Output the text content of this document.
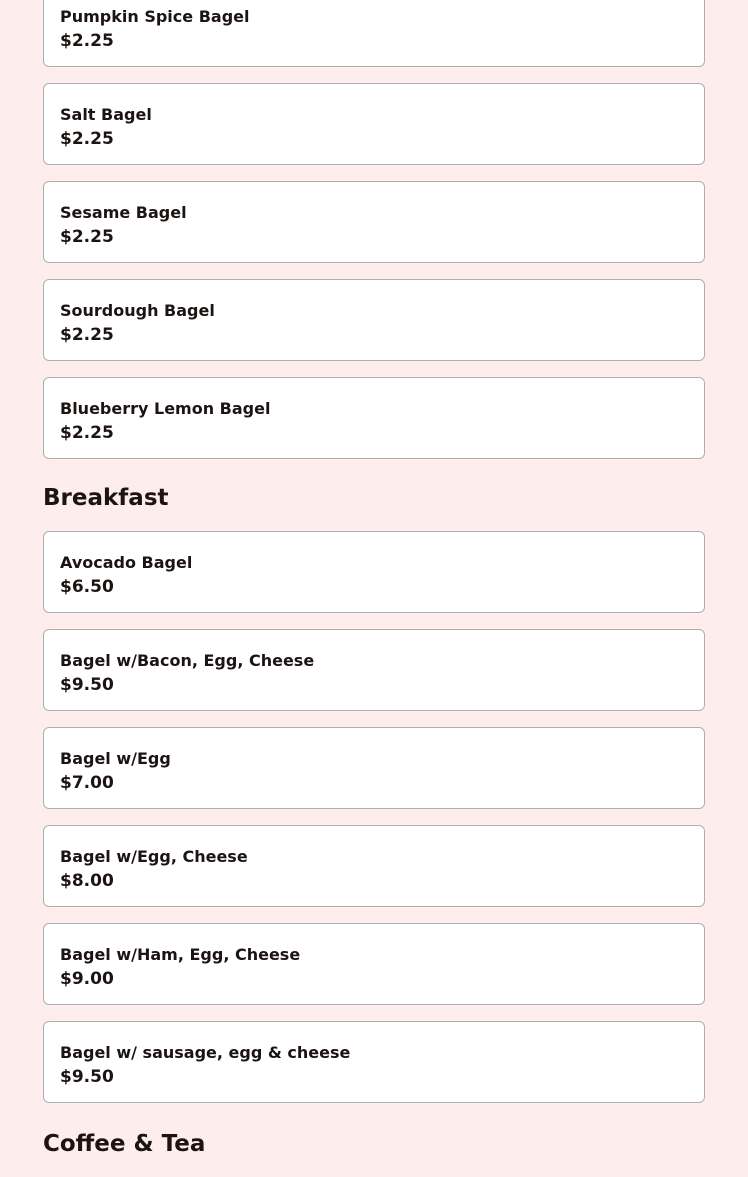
Pumpkin Spice Bagel
$2.25
Salt Bagel
$2.25
Sesame Bagel
$2.25
Sourdough Bagel
$2.25
Blueberry Lemon Bagel
$2.25
Breakfast
Avocado Bagel
$6.50
Bagel w/Bacon, Egg, Cheese
$9.50
Bagel w/Egg
$7.00
Bagel w/Egg, Cheese
$8.00
Bagel w/Ham, Egg, Cheese
$9.00
Bagel w/ sausage, egg & cheese
$9.50
Coffee & Tea
